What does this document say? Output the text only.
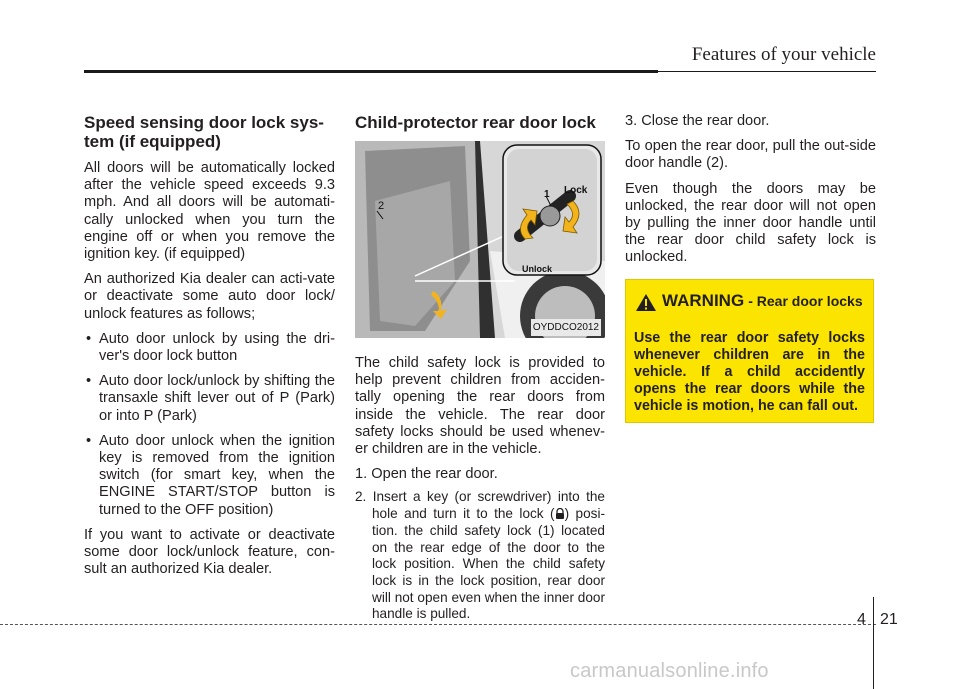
Features of your vehicle
Speed sensing door lock sys-
tem (if equipped)

All doors will be automatically locked after the vehicle speed exceeds 9.3 mph. And all doors will be automati-cally unlocked when you turn the engine off or when you remove the ignition key. (if equipped)

An authorized Kia dealer can acti-vate or deactivate some auto door lock/ unlock features as follows;

• Auto door unlock by using the dri-ver's door lock button
• Auto door lock/unlock by shifting the transaxle shift lever out of P (Park) or into P (Park)
• Auto door unlock when the ignition key is removed from the ignition switch (for smart key, when the ENGINE START/STOP button is turned to the OFF position)

If you want to activate or deactivate some door lock/unlock feature, con-sult an authorized Kia dealer.

Child-protector rear door lock
Lock
Unlock
1
2
OYDDCO2012

The child safety lock is provided to help prevent children from acciden-tally opening the rear doors from inside the vehicle. The rear door safety locks should be used whenev-er children are in the vehicle.

1. Open the rear door.
2. Insert a key (or screwdriver) into the hole and turn it to the lock ( ) posi-tion. the child safety lock (1) located on the rear edge of the door to the lock position. When the child safety lock is in the lock position, rear door will not open even when the inner door handle is pulled.

3. Close the rear door.

To open the rear door, pull the out-side door handle (2).

Even though the doors may be unlocked, the rear door will not open by pulling the inner door handle until the rear door child safety lock is unlocked.

WARNING - Rear door locks
Use the rear door safety locks whenever children are in the vehicle. If a child accidently opens the rear doors while the vehicle is motion, he can fall out.
4 21
carmanualsonline.info
